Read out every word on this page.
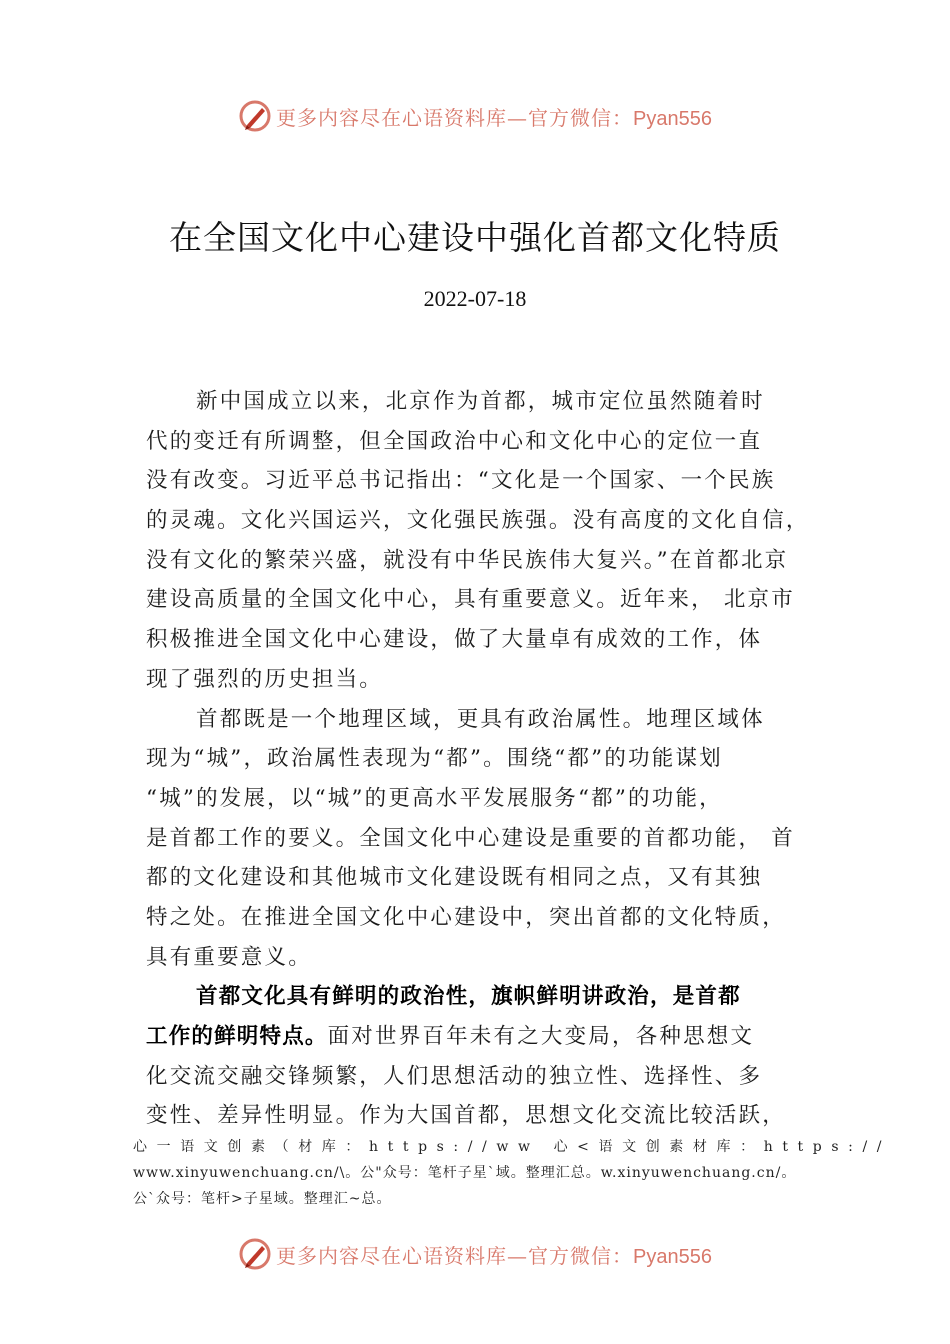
更多内容尽在心语资料库—官方微信：Pyan556
在全国文化中心建设中强化首都文化特质
2022-07-18
新中国成立以来，北京作为首都，城市定位虽然随着时
代的变迁有所调整，但全国政治中心和文化中心的定位一直
没有改变。习近平总书记指出：“文化是一个国家、一个民族
的灵魂。文化兴国运兴，文化强民族强。没有高度的文化自信，
没有文化的繁荣兴盛，就没有中华民族伟大复兴。”在首都北京
建设高质量的全国文化中心，具有重要意义。近年来， 北京市
积极推进全国文化中心建设，做了大量卓有成效的工作，体
现了强烈的历史担当。
首都既是一个地理区域，更具有政治属性。地理区域体
现为“城”，政治属性表现为“都”。围绕“都”的功能谋划
“城”的发展，以“城”的更高水平发展服务“都”的功能，
是首都工作的要义。全国文化中心建设是重要的首都功能， 首
都的文化建设和其他城市文化建设既有相同之点，又有其独
特之处。在推进全国文化中心建设中，突出首都的文化特质，
具有重要意义。
首都文化具有鲜明的政治性，旗帜鲜明讲政治，是首都
工作的鲜明特点。面对世界百年未有之大变局，各种思想文
化交流交融交锋频繁，人们思想活动的独立性、选择性、多
变性、差异性明显。作为大国首都，思想文化交流比较活跃，
心一语文创素（材库：https://ww 心<语文创素材库：https://
www.xinyuwenchuang.cn/\。公"众号：笔杆子星`域。整理汇总。w.xinyuwenchuang.cn/。
公`众号：笔杆>子星域。整理汇~总。
更多内容尽在心语资料库—官方微信：Pyan556
